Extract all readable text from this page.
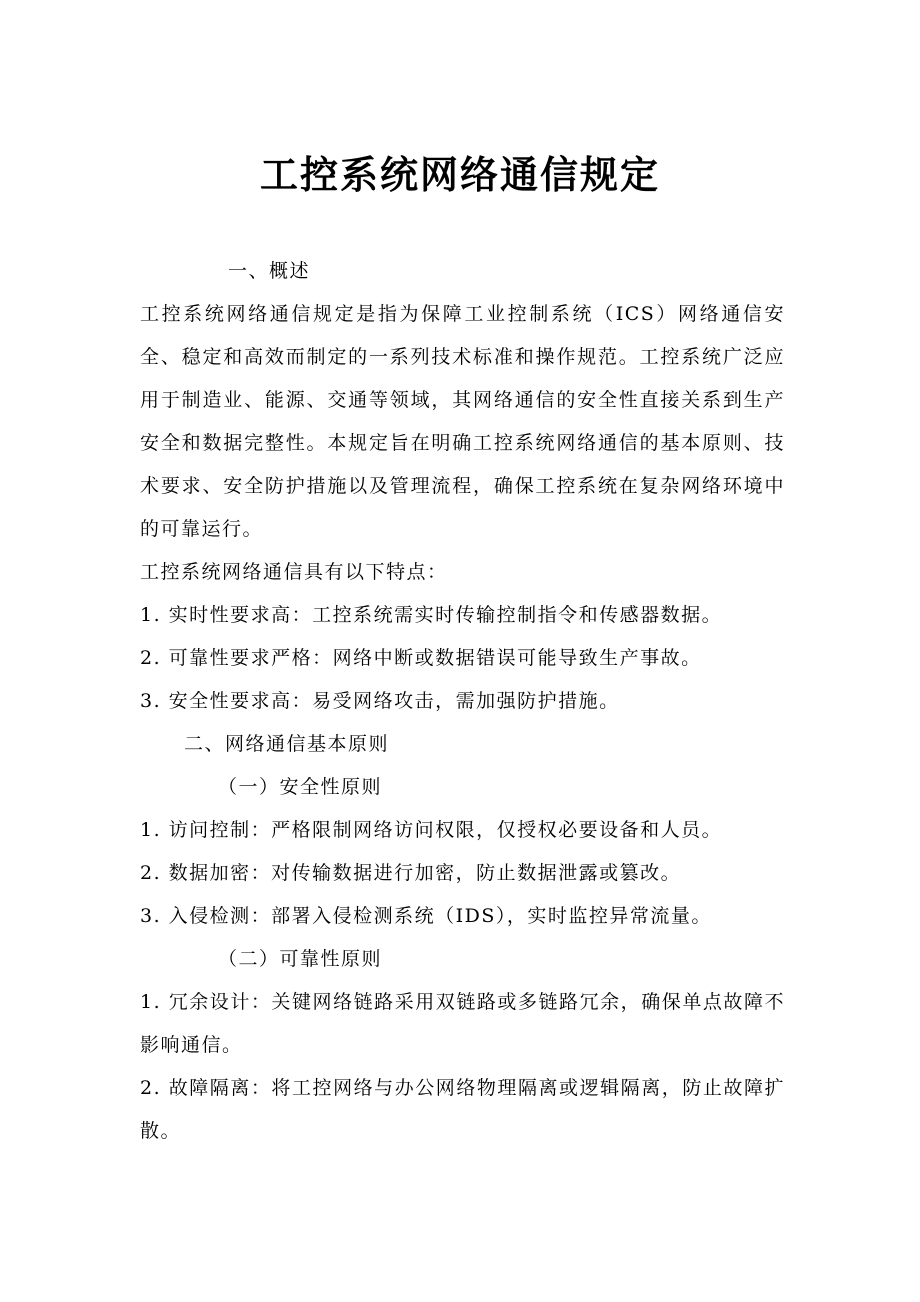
工控系统网络通信规定

一、概述

工控系统网络通信规定是指为保障工业控制系统（ICS）网络通信安全、稳定和高效而制定的一系列技术标准和操作规范。工控系统广泛应用于制造业、能源、交通等领域，其网络通信的安全性直接关系到生产安全和数据完整性。本规定旨在明确工控系统网络通信的基本原则、技术要求、安全防护措施以及管理流程，确保工控系统在复杂网络环境中的可靠运行。

工控系统网络通信具有以下特点：

1. 实时性要求高：工控系统需实时传输控制指令和传感器数据。

2. 可靠性要求严格：网络中断或数据错误可能导致生产事故。

3. 安全性要求高：易受网络攻击，需加强防护措施。

二、网络通信基本原则

（一）安全性原则

1. 访问控制：严格限制网络访问权限，仅授权必要设备和人员。

2. 数据加密：对传输数据进行加密，防止数据泄露或篡改。

3. 入侵检测：部署入侵检测系统（IDS），实时监控异常流量。

（二）可靠性原则

1. 冗余设计：关键网络链路采用双链路或多链路冗余，确保单点故障不影响通信。

2. 故障隔离：将工控网络与办公网络物理隔离或逻辑隔离，防止故障扩散。
